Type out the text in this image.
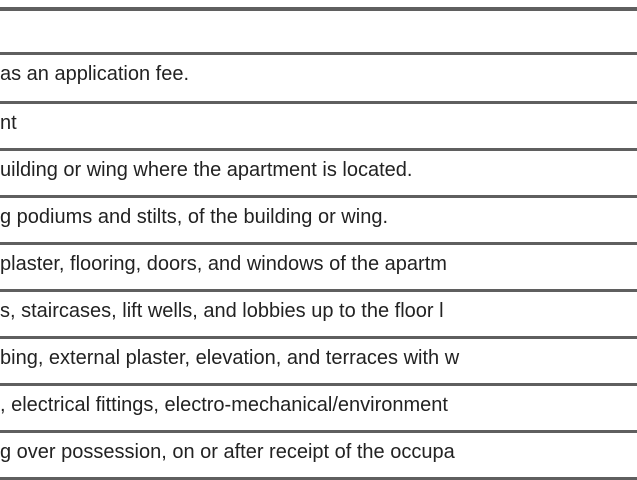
as an application fee.
nt
uilding or wing where the apartment is located.
g podiums and stilts, of the building or wing.
plaster, flooring, doors, and windows of the apartm
s, staircases, lift wells, and lobbies up to the floor l
bing, external plaster, elevation, and terraces with w
, electrical fittings, electro-mechanical/environment
g over possession, on or after receipt of the occupa
